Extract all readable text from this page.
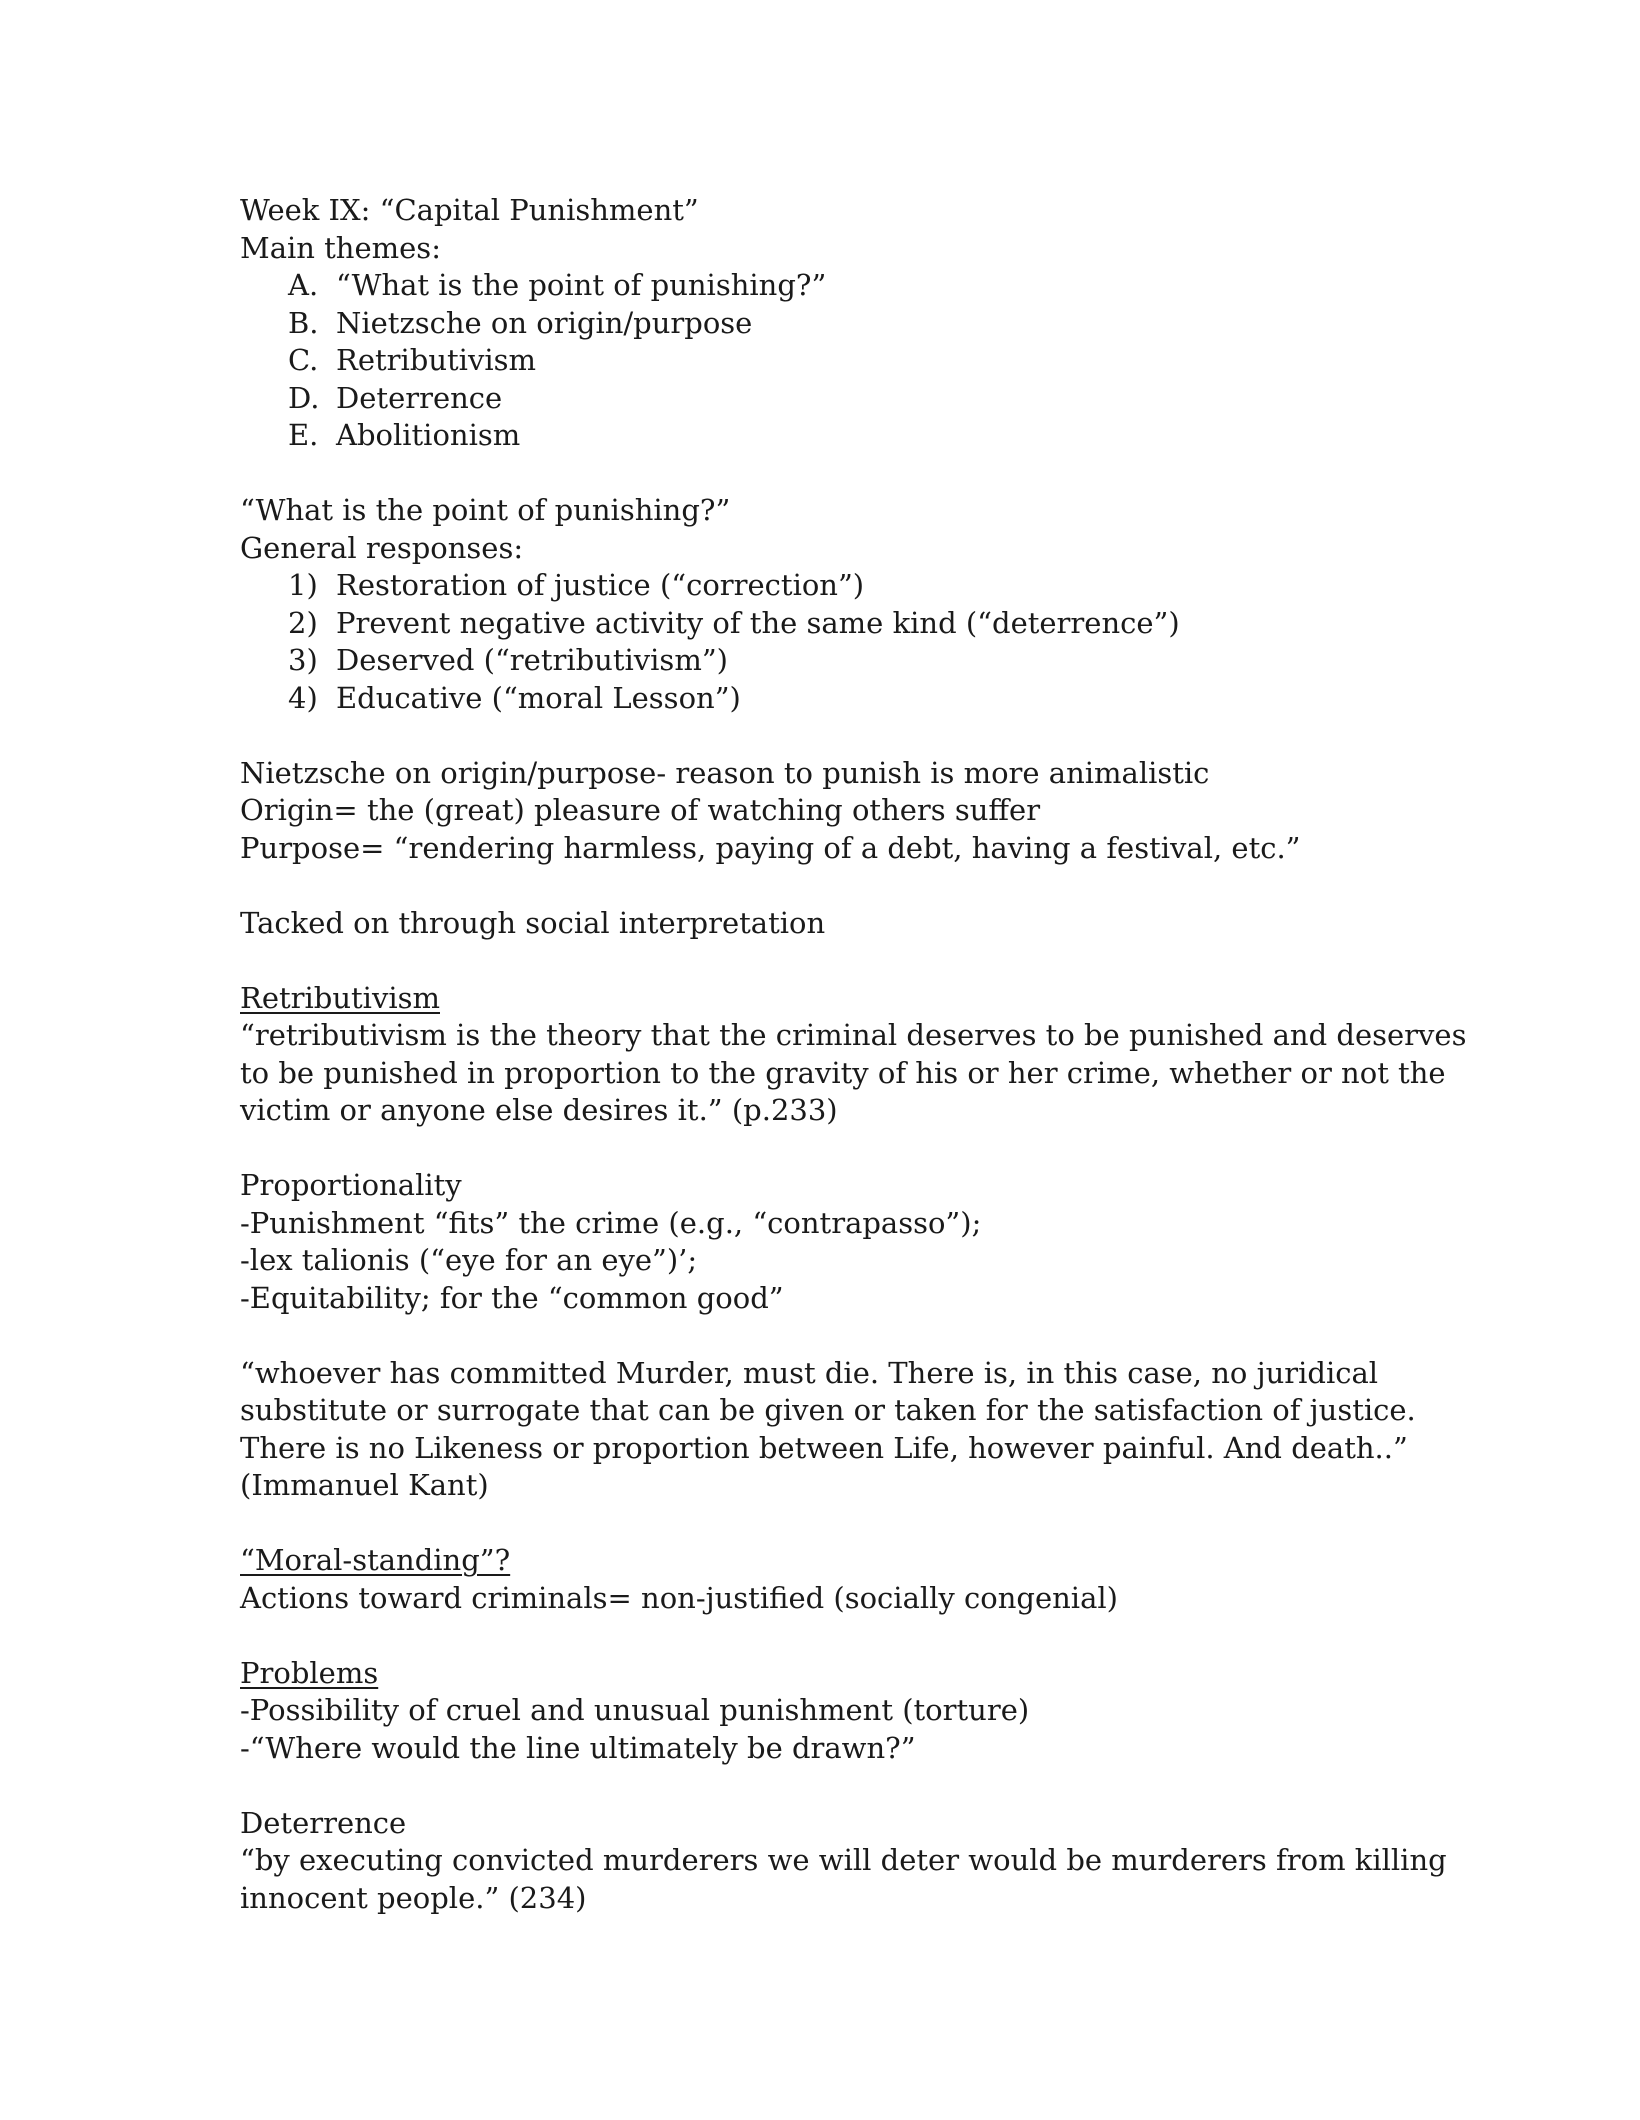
Week IX: “Capital Punishment”

Main themes:

A. “What is the point of punishing?”
B. Nietzsche on origin/purpose
C. Retributivism
D. Deterrence
E. Abolitionism

“What is the point of punishing?”

General responses:

1) Restoration of justice (“correction”)
2) Prevent negative activity of the same kind (“deterrence”)
3) Deserved (“retributivism”)
4) Educative (“moral Lesson”)

Nietzsche on origin/purpose- reason to punish is more animalistic

Origin= the (great) pleasure of watching others suffer

Purpose= “rendering harmless, paying of a debt, having a festival, etc.”

Tacked on through social interpretation

Retributivism

“retributivism is the theory that the criminal deserves to be punished and deserves

to be punished in proportion to the gravity of his or her crime, whether or not the

victim or anyone else desires it.” (p.233)

Proportionality

-Punishment “fits” the crime (e.g., “contrapasso”);

-lex talionis (“eye for an eye”)’;

-Equitability; for the “common good”

“whoever has committed Murder, must die. There is, in this case, no juridical

substitute or surrogate that can be given or taken for the satisfaction of justice.

There is no Likeness or proportion between Life, however painful. And death..”

(Immanuel Kant)

“Moral-standing”?

Actions toward criminals= non-justified (socially congenial)

Problems

-Possibility of cruel and unusual punishment (torture)

-“Where would the line ultimately be drawn?”

Deterrence

“by executing convicted murderers we will deter would be murderers from killing

innocent people.” (234)
